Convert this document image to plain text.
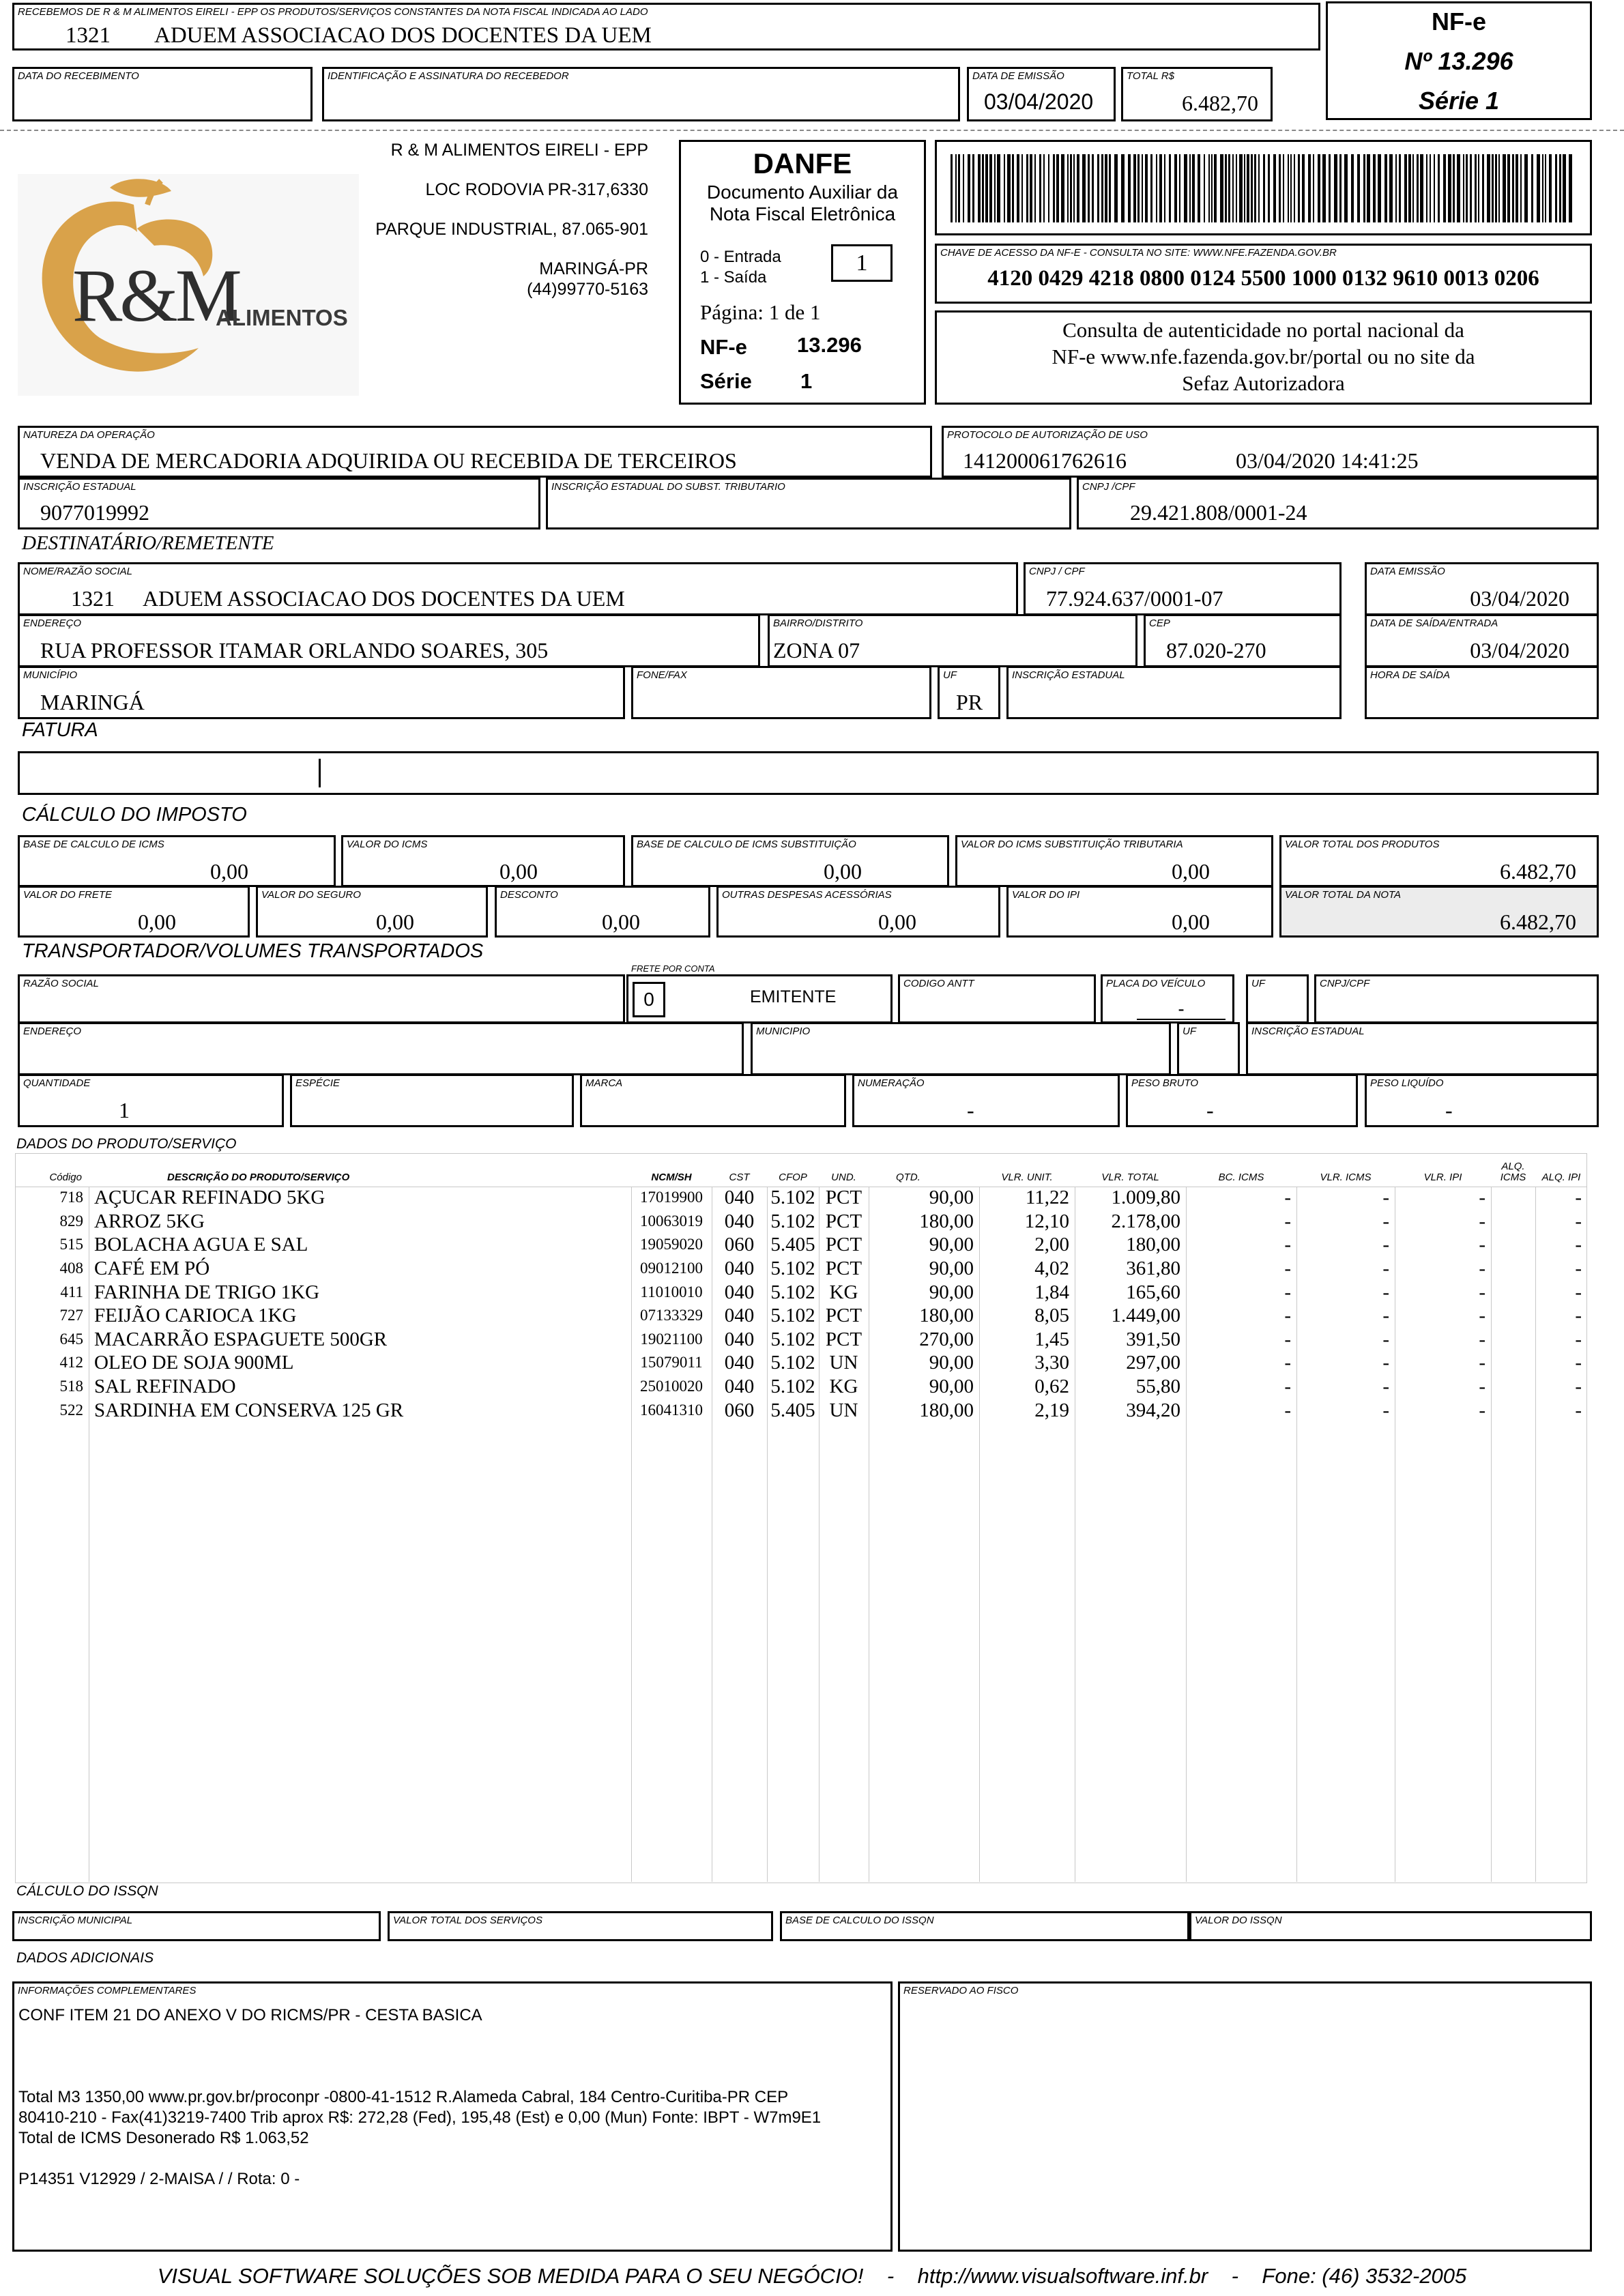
RECEBEMOS DE R & M ALIMENTOS EIRELI - EPP OS PRODUTOS/SERVIÇOS CONSTANTES DA NOTA FISCAL INDICADA AO LADO
1321 ADUEM ASSOCIACAO DOS DOCENTES DA UEM
DATA DO RECEBIMENTO	IDENTIFICAÇÃO E ASSINATURA DO RECEBEDOR	DATA DE EMISSÃO
03/04/2020
TOTAL R$
6.482,70
NF-e
Nº 13.296
Série 1
R&M
ALIMENTOS
R & M ALIMENTOS EIRELI - EPP
LOC RODOVIA PR-317,6330
PARQUE INDUSTRIAL, 87.065-901
MARINGÁ-PR
(44)99770-5163
DANFE
Documento Auxiliar da
Nota Fiscal Eletrônica
0 - Entrada
1 - Saída
1
Página: 1 de 1
NF-e 13.296
Série 1
CHAVE DE ACESSO DA NF-E - CONSULTA NO SITE: WWW.NFE.FAZENDA.GOV.BR
4120 0429 4218 0800 0124 5500 1000 0132 9610 0013 0206
Consulta de autenticidade no portal nacional da
NF-e www.nfe.fazenda.gov.br/portal ou no site da
Sefaz Autorizadora
NATUREZA DA OPERAÇÃO
VENDA DE MERCADORIA ADQUIRIDA OU RECEBIDA DE TERCEIROS
PROTOCOLO DE AUTORIZAÇÃO DE USO
141200061762616	03/04/2020 14:41:25
INSCRIÇÃO ESTADUAL
9077019992
INSCRIÇÃO ESTADUAL DO SUBST. TRIBUTARIO	CNPJ /CPF
29.421.808/0001-24
DESTINATÁRIO/REMETENTE
NOME/RAZÃO SOCIAL
1321 ADUEM ASSOCIACAO DOS DOCENTES DA UEM
CNPJ / CPF
77.924.637/0001-07
DATA EMISSÃO
03/04/2020
ENDEREÇO
RUA PROFESSOR ITAMAR ORLANDO SOARES, 305
BAIRRO/DISTRITO
ZONA 07
CEP
87.020-270
DATA DE SAÍDA/ENTRADA
03/04/2020
MUNICÍPIO
MARINGÁ
FONE/FAX	UF
PR
INSCRIÇÃO ESTADUAL	HORA DE SAÍDA
FATURA
CÁLCULO DO IMPOSTO
BASE DE CALCULO DE ICMS
0,00
VALOR DO ICMS
0,00
BASE DE CALCULO DE ICMS SUBSTITUIÇÃO
0,00
VALOR DO ICMS SUBSTITUIÇÃO TRIBUTARIA
0,00
VALOR TOTAL DOS PRODUTOS
6.482,70
VALOR DO FRETE
0,00
VALOR DO SEGURO
0,00
DESCONTO
0,00
OUTRAS DESPESAS ACESSÓRIAS
0,00
VALOR DO IPI
0,00
VALOR TOTAL DA NOTA
6.482,70
TRANSPORTADOR/VOLUMES TRANSPORTADOS
FRETE POR CONTA
RAZÃO SOCIAL
0	EMITENTE
CODIGO ANTT	PLACA DO VEÍCULO
-
UF	CNPJ/CPF
ENDEREÇO	MUNICIPIO	UF	INSCRIÇÃO ESTADUAL
QUANTIDADE
1
ESPÉCIE	MARCA	NUMERAÇÃO
-
PESO BRUTO
-
PESO LIQUÍDO
-
DADOS DO PRODUTO/SERVIÇO
Código	DESCRIÇÃO DO PRODUTO/SERVIÇO	NCM/SH	CST	CFOP	UND.	QTD.	VLR. UNIT.	VLR. TOTAL	BC. ICMS	VLR. ICMS	VLR. IPI	ALQ. ICMS	ALQ. IPI
718	AÇUCAR REFINADO 5KG	17019900	040	5.102	PCT	90,00	11,22	1.009,80	-	-	-		-
829	ARROZ 5KG	10063019	040	5.102	PCT	180,00	12,10	2.178,00	-	-	-		-
515	BOLACHA AGUA E SAL	19059020	060	5.405	PCT	90,00	2,00	180,00	-	-	-		-
408	CAFÉ EM PÓ	09012100	040	5.102	PCT	90,00	4,02	361,80	-	-	-		-
411	FARINHA DE TRIGO 1KG	11010010	040	5.102	KG	90,00	1,84	165,60	-	-	-		-
727	FEIJÃO CARIOCA 1KG	07133329	040	5.102	PCT	180,00	8,05	1.449,00	-	-	-		-
645	MACARRÃO ESPAGUETE 500GR	19021100	040	5.102	PCT	270,00	1,45	391,50	-	-	-		-
412	OLEO DE SOJA 900ML	15079011	040	5.102	UN	90,00	3,30	297,00	-	-	-		-
518	SAL REFINADO	25010020	040	5.102	KG	90,00	0,62	55,80	-	-	-		-
522	SARDINHA EM CONSERVA 125 GR	16041310	060	5.405	UN	180,00	2,19	394,20	-	-	-		-
CÁLCULO DO ISSQN
INSCRIÇÃO MUNICIPAL	VALOR TOTAL DOS SERVIÇOS	BASE DE CALCULO DO ISSQN	VALOR DO ISSQN
DADOS ADICIONAIS
INFORMAÇÕES COMPLEMENTARES
CONF ITEM 21 DO ANEXO V DO RICMS/PR - CESTA BASICA
Total M3 1350,00 www.pr.gov.br/proconpr -0800-41-1512 R.Alameda Cabral, 184 Centro-Curitiba-PR CEP
80410-210 - Fax(41)3219-7400 Trib aprox R$: 272,28 (Fed), 195,48 (Est) e 0,00 (Mun) Fonte: IBPT - W7m9E1
Total de ICMS Desonerado R$ 1.063,52
P14351 V12929 / 2-MAISA / / Rota: 0 -
RESERVADO AO FISCO
VISUAL SOFTWARE SOLUÇÕES SOB MEDIDA PARA O SEU NEGÓCIO!    -    http://www.visualsoftware.inf.br    -    Fone: (46) 3532-2005
